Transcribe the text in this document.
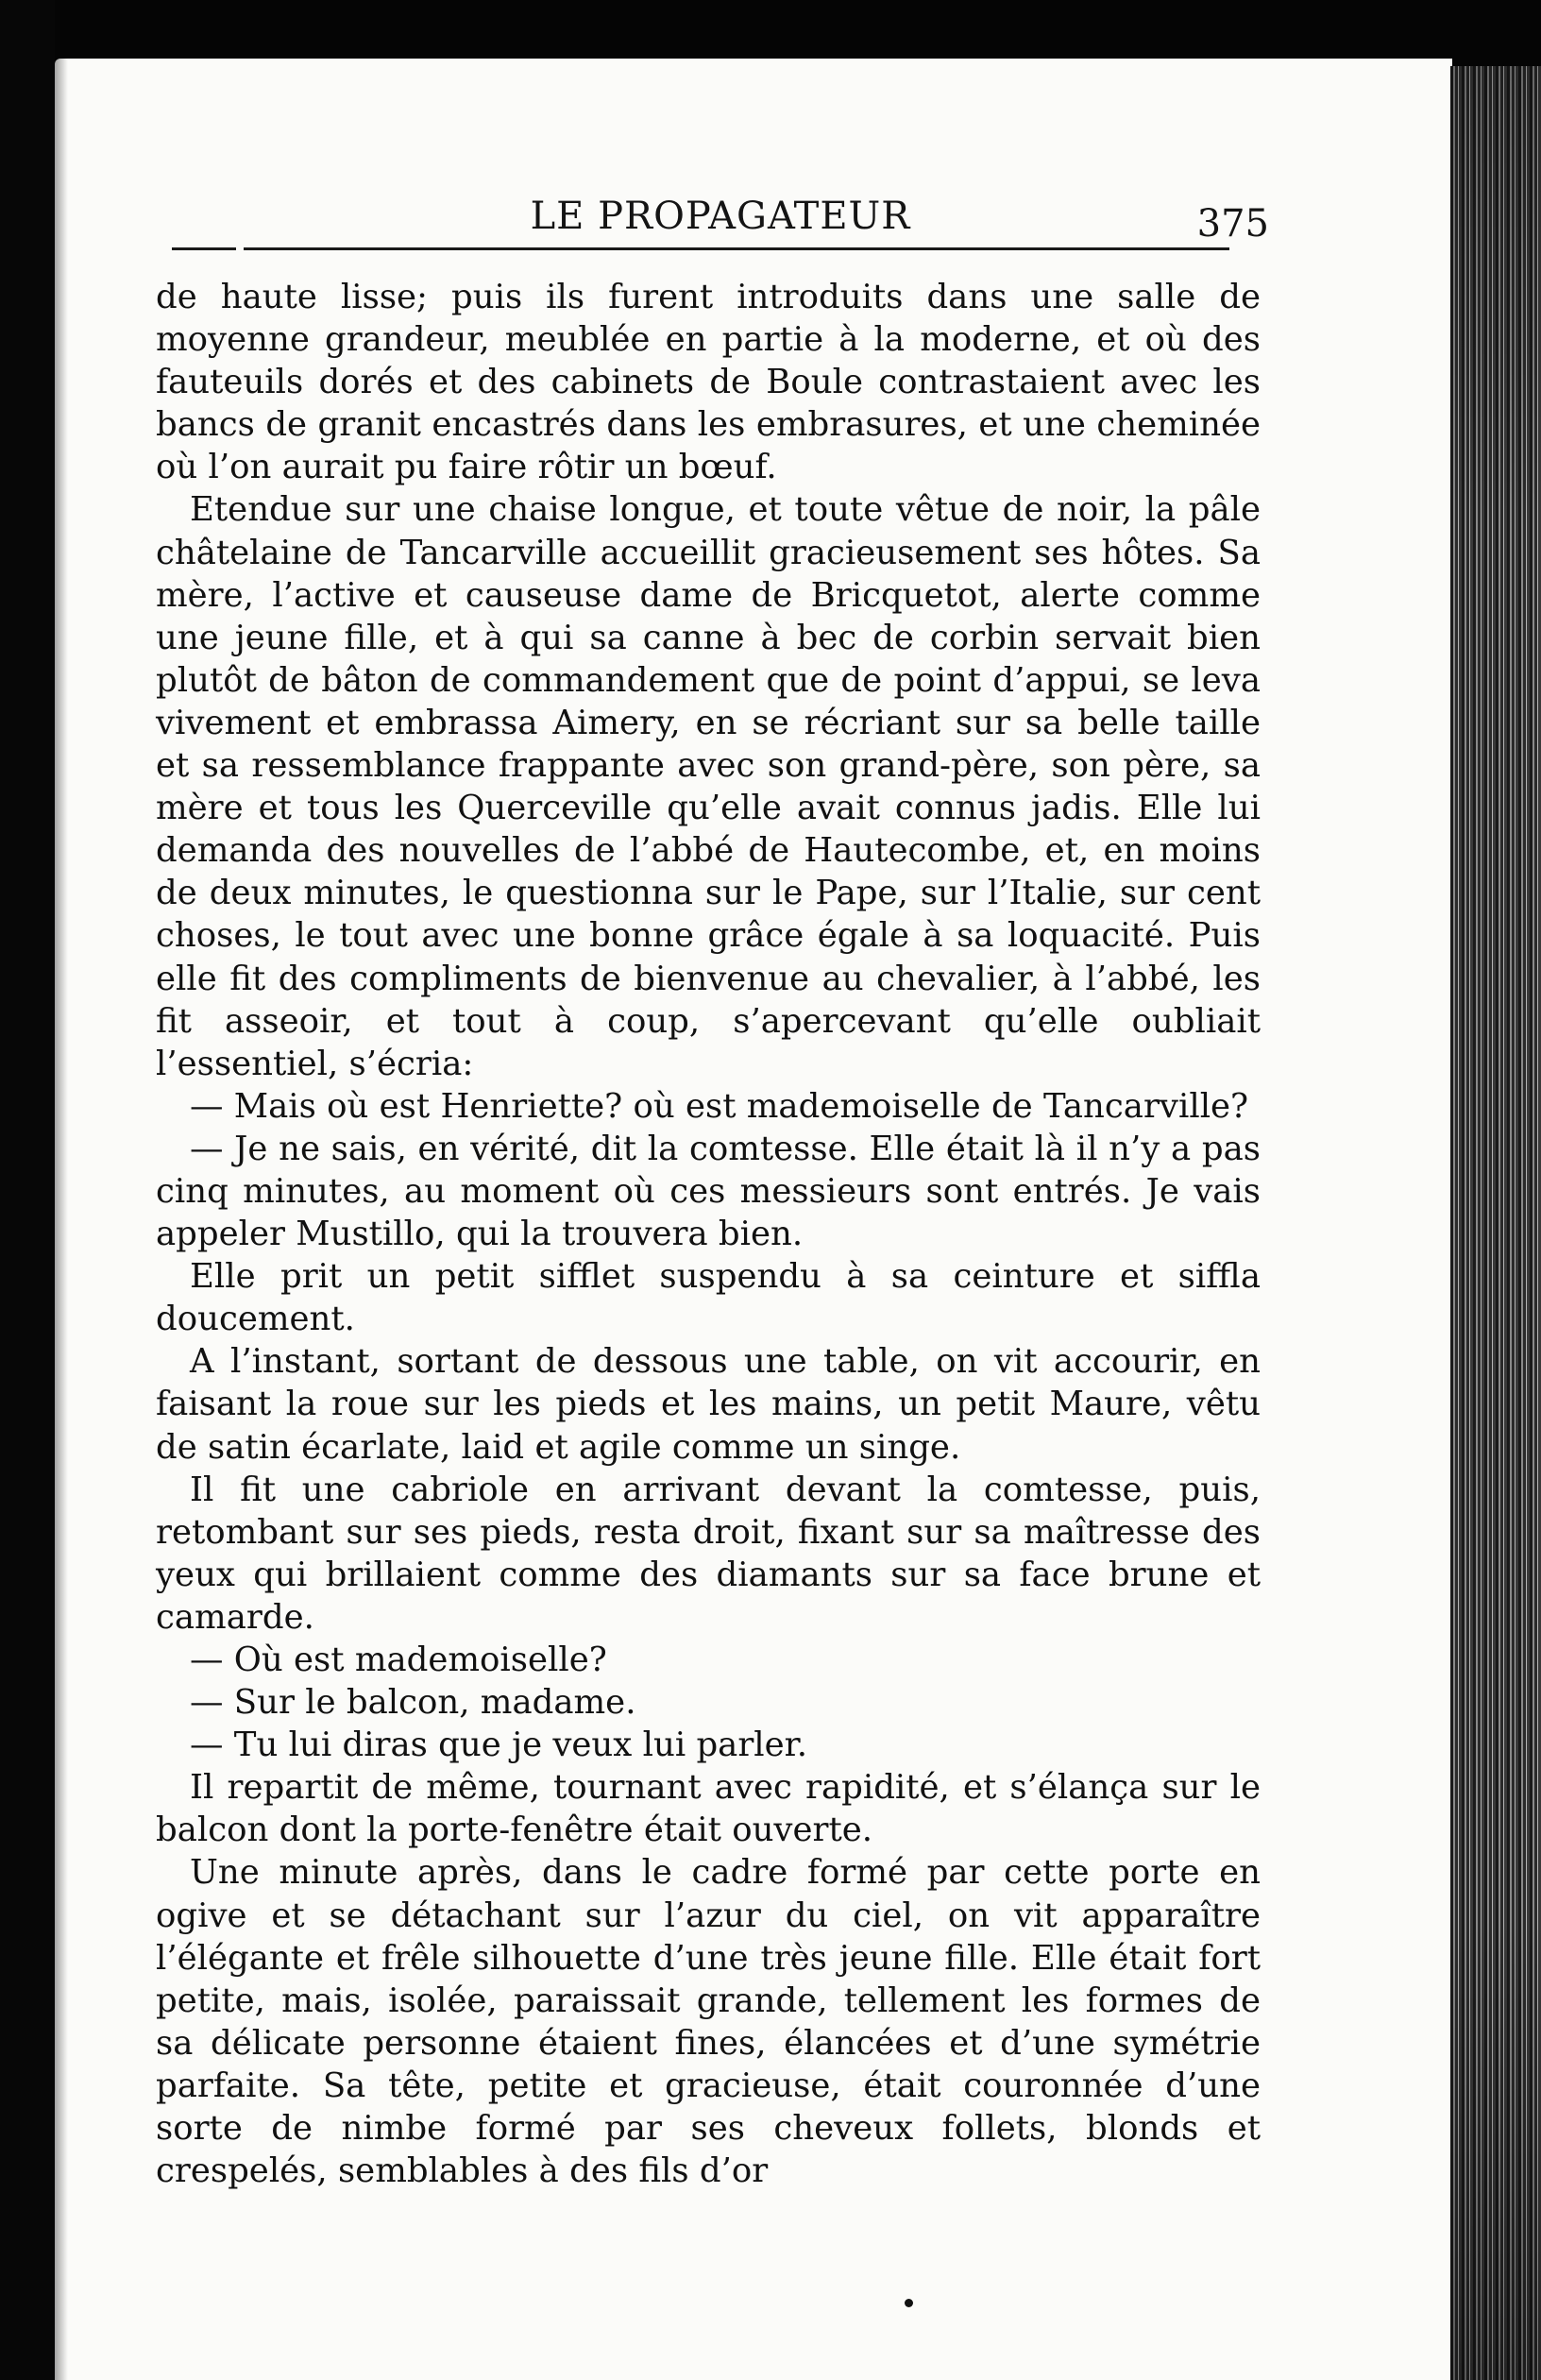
LE PROPAGATEUR	375

de haute lisse; puis ils furent introduits dans une salle de moyenne grandeur, meublée en partie à la moderne, et où des fauteuils dorés et des cabinets de Boule contrastaient avec les bancs de granit encastrés dans les embrasures, et une cheminée où l’on aurait pu faire rôtir un bœuf.

Etendue sur une chaise longue, et toute vêtue de noir, la pâle châtelaine de Tancarville accueillit gracieusement ses hôtes. Sa mère, l’active et causeuse dame de Bricquetot, alerte comme une jeune fille, et à qui sa canne à bec de corbin servait bien plutôt de bâton de commandement que de point d’appui, se leva vivement et embrassa Aimery, en se récriant sur sa belle taille et sa ressemblance frappante avec son grand-père, son père, sa mère et tous les Querceville qu’elle avait connus jadis. Elle lui demanda des nouvelles de l’abbé de Hautecombe, et, en moins de deux minutes, le questionna sur le Pape, sur l’Italie, sur cent choses, le tout avec une bonne grâce égale à sa loquacité. Puis elle fit des compliments de bienvenue au chevalier, à l’abbé, les fit asseoir, et tout à coup, s’apercevant qu’elle oubliait l’essentiel, s’écria:

— Mais où est Henriette? où est mademoiselle de Tancarville?

— Je ne sais, en vérité, dit la comtesse. Elle était là il n’y a pas cinq minutes, au moment où ces messieurs sont entrés. Je vais appeler Mustillo, qui la trouvera bien.

Elle prit un petit sifflet suspendu à sa ceinture et siffla doucement.

A l’instant, sortant de dessous une table, on vit accourir, en faisant la roue sur les pieds et les mains, un petit Maure, vêtu de satin écarlate, laid et agile comme un singe.

Il fit une cabriole en arrivant devant la comtesse, puis, retombant sur ses pieds, resta droit, fixant sur sa maîtresse des yeux qui brillaient comme des diamants sur sa face brune et camarde.

— Où est mademoiselle?

— Sur le balcon, madame.

— Tu lui diras que je veux lui parler.

Il repartit de même, tournant avec rapidité, et s’élança sur le balcon dont la porte-fenêtre était ouverte.

Une minute après, dans le cadre formé par cette porte en ogive et se détachant sur l’azur du ciel, on vit apparaître l’élégante et frêle silhouette d’une très jeune fille. Elle était fort petite, mais, isolée, paraissait grande, tellement les formes de sa délicate personne étaient fines, élancées et d’une symétrie parfaite. Sa tête, petite et gracieuse, était couronnée d’une sorte de nimbe formé par ses cheveux follets, blonds et crespelés, semblables à des fils d’or
